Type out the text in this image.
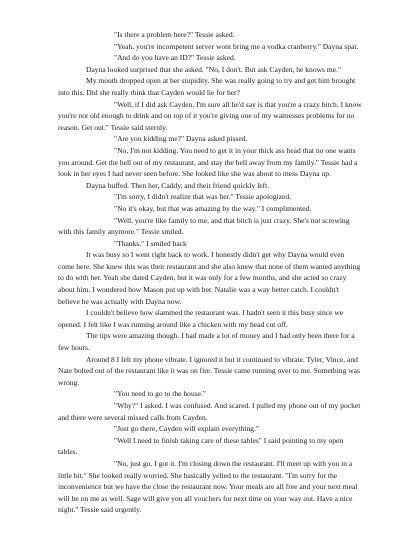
"Is there a problem here?" Tessie asked.

"Yeah, you're incompetent server wont bring me a vodka cranberry." Dayna spat.

"And do you have an ID?" Tessie asked.

Dayna looked surprised that she asked. "No, I don't. But ask Cayden, he knows me."

My mouth dropped open at her stupidity. She was really going to try and get him brought into this. Did she really think that Cayden would lie for her?

"Well, if I did ask Cayden, I'm sure all he'd say is that you're a crazy bitch. I know you're not old enough to drink and on top of it you're giving one of my waitresses problems for no reason. Get out." Tessie said sternly.

"Are you kidding me?" Dayna asked pissed.

"No, I'm not kidding. You need to get it in your thick ass head that no one wants you around. Get the hell out of my restaurant, and stay the hell away from my family." Tessie had a look in her eyes I had never seen before. She looked like she was about to mess Dayna up.

Dayna huffed. Then her, Caddy, and their friend quickly left.

"I'm sorry, I didn't realize that was her." Tessie apologized.

"No it's okay, but that was amazing by the way." I complimented.

"Well, you're like family to me, and that bitch is just crazy. She's not screwing with this family anymore." Tessie smiled.

"Thanks." I smiled back

It was busy so I went right back to work. I honestly didn't get why Dayna would even come here. She knew this was their restaurant and she also knew that none of them wanted anything to do with her. Yeah she dated Cayden, but it was only for a few months, and she acted so crazy about him. I wondered how Mason put up with her. Natalie was a way better catch. I couldn't believe he was actually with Dayna now.

I couldn't believe how slammed the restaurant was. I hadn't seen it this busy since we opened. I felt like I was running around like a chicken with my head cut off.

The tips were amazing though. I had made a lot of money and I had only been there for a few hours.

Around 8 I felt my phone vibrate. I ignored it but it continued to vibrate. Tyler, Vince, and Nate bolted out of the restaurant like it was on fire. Tessie came running over to me. Something was wrong.

"You need to go to the house."

"Why?" I asked. I was confused. And scared. I pulled my phone out of my pocket and there were several missed calls from Cayden.

"Just go there, Cayden will explain everything."

"Well I need to finish taking care of these tables" I said pointing to my open tables.

"No, just go, I got it. I'm closing down the restaurant. I'll meet up with you in a little bit." She looked really worried. She basically yelled to the restaurant. "I'm sorry for the inconvenience but we have the close the restaurant now. Your meals are all free and your next meal will be on me as well. Sage will give you all vouchers for next time on your way out. Have a nice night." Tessie said urgently.
